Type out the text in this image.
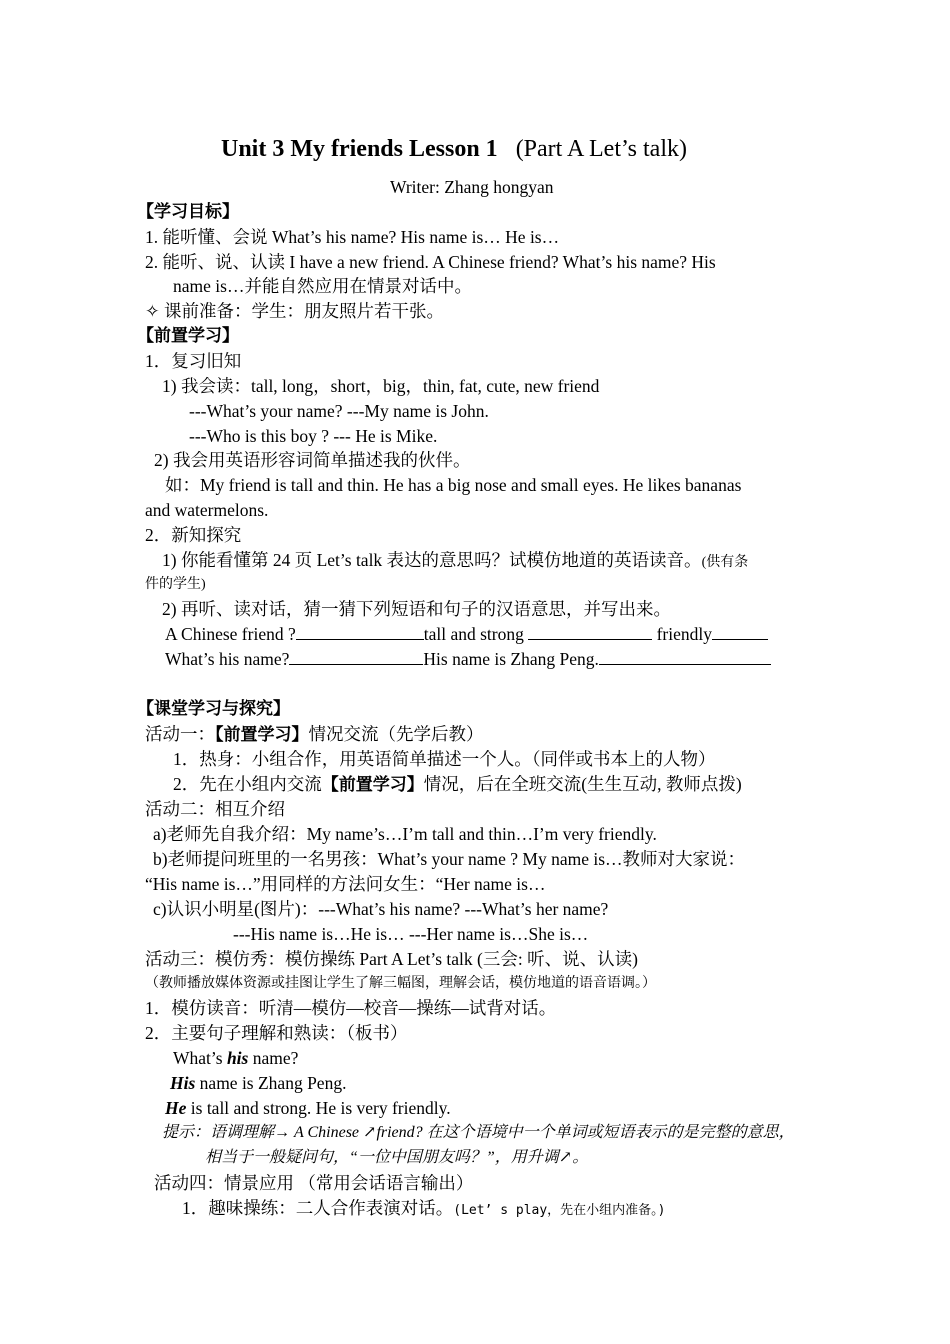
Unit 3 My friends Lesson 1 (Part A Let’s talk)
Writer: Zhang hongyan
【学习目标】
1. 能听懂、会说 What’s his name? His name is… He is…
2. 能听、说、认读 I have a new friend. A Chinese friend? What’s his name? His
name is…并能自然应用在情景对话中。
✧ 课前准备：学生：朋友照片若干张。
【前置学习】
1．复习旧知
1) 我会读：tall, long，short，big，thin, fat, cute, new friend
---What’s your name? ---My name is John.
---Who is this boy ? --- He is Mike.
2) 我会用英语形容词简单描述我的伙伴。
如：My friend is tall and thin. He has a big nose and small eyes. He likes bananas
and watermelons.
2．新知探究
1) 你能看懂第 24 页 Let’s talk 表达的意思吗？试模仿地道的英语读音。(供有条
件的学生)
2) 再听、读对话，猜一猜下列短语和句子的汉语意思，并写出来。
A Chinese friend ?	tall and strong	friendly
What’s his name?	His name is Zhang Peng.
【课堂学习与探究】
活动一：【前置学习】情况交流（先学后教）
1．热身：小组合作，用英语简单描述一个人。（同伴或书本上的人物）
2．先在小组内交流【前置学习】情况，后在全班交流(生生互动, 教师点拨)
活动二：相互介绍
a)老师先自我介绍：My name’s…I’m tall and thin…I’m very friendly.
b)老师提问班里的一名男孩：What’s your name ? My name is…教师对大家说：
“His name is…”用同样的方法问女生：“Her name is…
c)认识小明星(图片)：---What’s his name? ---What’s her name?
---His name is…He is… ---Her name is…She is…
活动三：模仿秀：模仿操练 Part A Let’s talk (三会: 听、说、认读)
（教师播放媒体资源或挂图让学生了解三幅图，理解会话，模仿地道的语音语调。）
1．模仿读音：听清—模仿—校音—操练—试背对话。
2．主要句子理解和熟读：（板书）
What’s his name?
His name is Zhang Peng.
He is tall and strong. He is very friendly.
提示：语调理解→ A Chinese ↗friend? 在这个语境中一个单词或短语表示的是完整的意思，
相当于一般疑问句，“一位中国朋友吗？”，用升调↗。
活动四：情景应用 （常用会话语言输出）
1．趣味操练：二人合作表演对话。(Let’ s play，先在小组内准备。)
